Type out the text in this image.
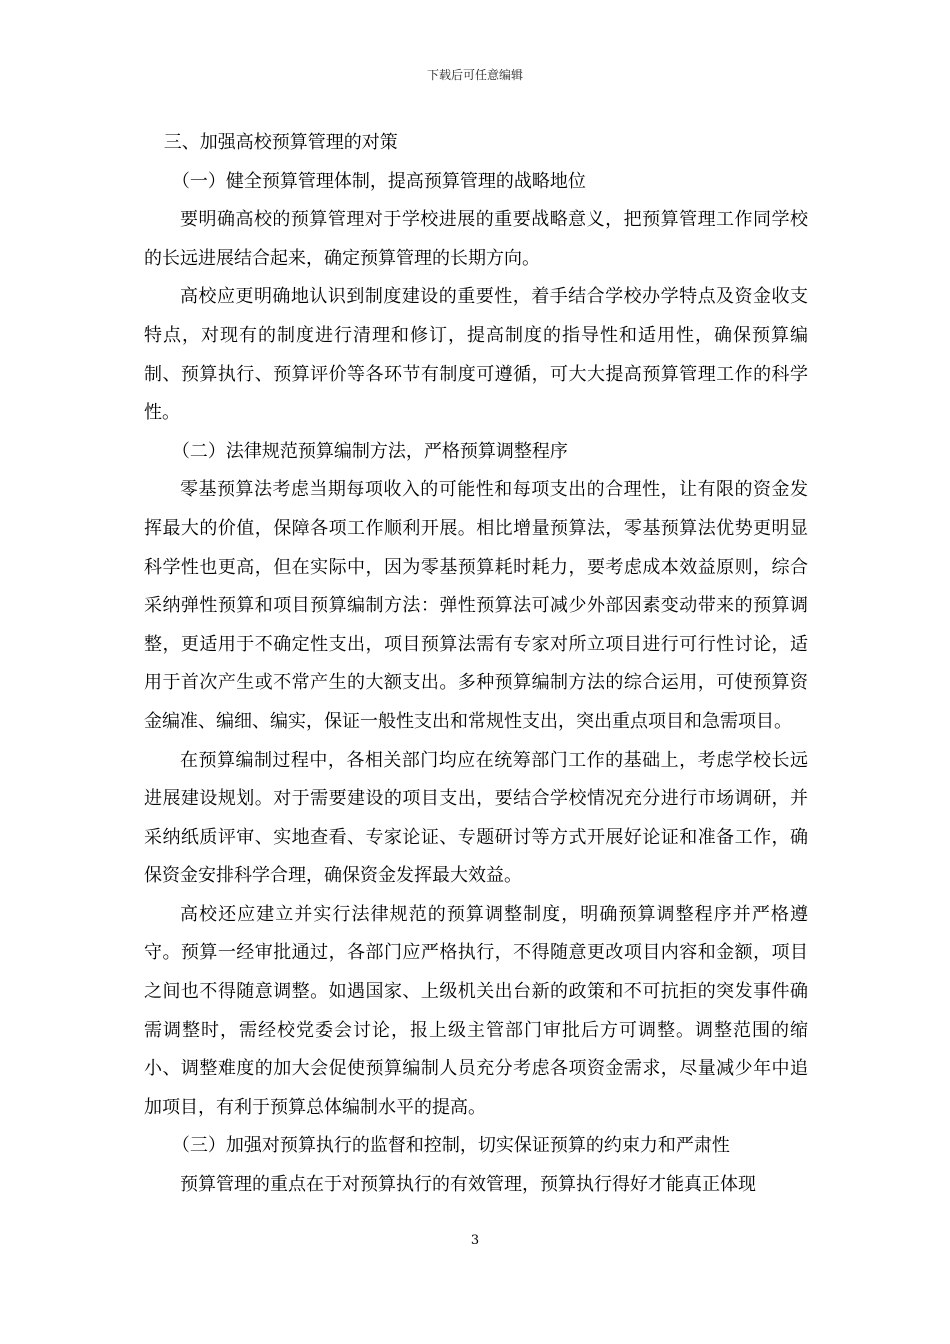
下载后可任意编辑

三、加强高校预算管理的对策

（一）健全预算管理体制，提高预算管理的战略地位

要明确高校的预算管理对于学校进展的重要战略意义，把预算管理工作同学校的长远进展结合起来，确定预算管理的长期方向。

高校应更明确地认识到制度建设的重要性，着手结合学校办学特点及资金收支特点，对现有的制度进行清理和修订，提高制度的指导性和适用性，确保预算编制、预算执行、预算评价等各环节有制度可遵循，可大大提高预算管理工作的科学性。

（二）法律规范预算编制方法，严格预算调整程序

零基预算法考虑当期每项收入的可能性和每项支出的合理性，让有限的资金发挥最大的价值，保障各项工作顺利开展。相比增量预算法，零基预算法优势更明显科学性也更高，但在实际中，因为零基预算耗时耗力，要考虑成本效益原则，综合采纳弹性预算和项目预算编制方法：弹性预算法可减少外部因素变动带来的预算调整，更适用于不确定性支出，项目预算法需有专家对所立项目进行可行性讨论，适用于首次产生或不常产生的大额支出。多种预算编制方法的综合运用，可使预算资金编准、编细、编实，保证一般性支出和常规性支出，突出重点项目和急需项目。

在预算编制过程中，各相关部门均应在统筹部门工作的基础上，考虑学校长远进展建设规划。对于需要建设的项目支出，要结合学校情况充分进行市场调研，并采纳纸质评审、实地查看、专家论证、专题研讨等方式开展好论证和准备工作，确保资金安排科学合理，确保资金发挥最大效益。

高校还应建立并实行法律规范的预算调整制度，明确预算调整程序并严格遵守。预算一经审批通过，各部门应严格执行，不得随意更改项目内容和金额，项目之间也不得随意调整。如遇国家、上级机关出台新的政策和不可抗拒的突发事件确需调整时，需经校党委会讨论，报上级主管部门审批后方可调整。调整范围的缩小、调整难度的加大会促使预算编制人员充分考虑各项资金需求，尽量减少年中追加项目，有利于预算总体编制水平的提高。

（三）加强对预算执行的监督和控制，切实保证预算的约束力和严肃性

预算管理的重点在于对预算执行的有效管理，预算执行得好才能真正体现

3
